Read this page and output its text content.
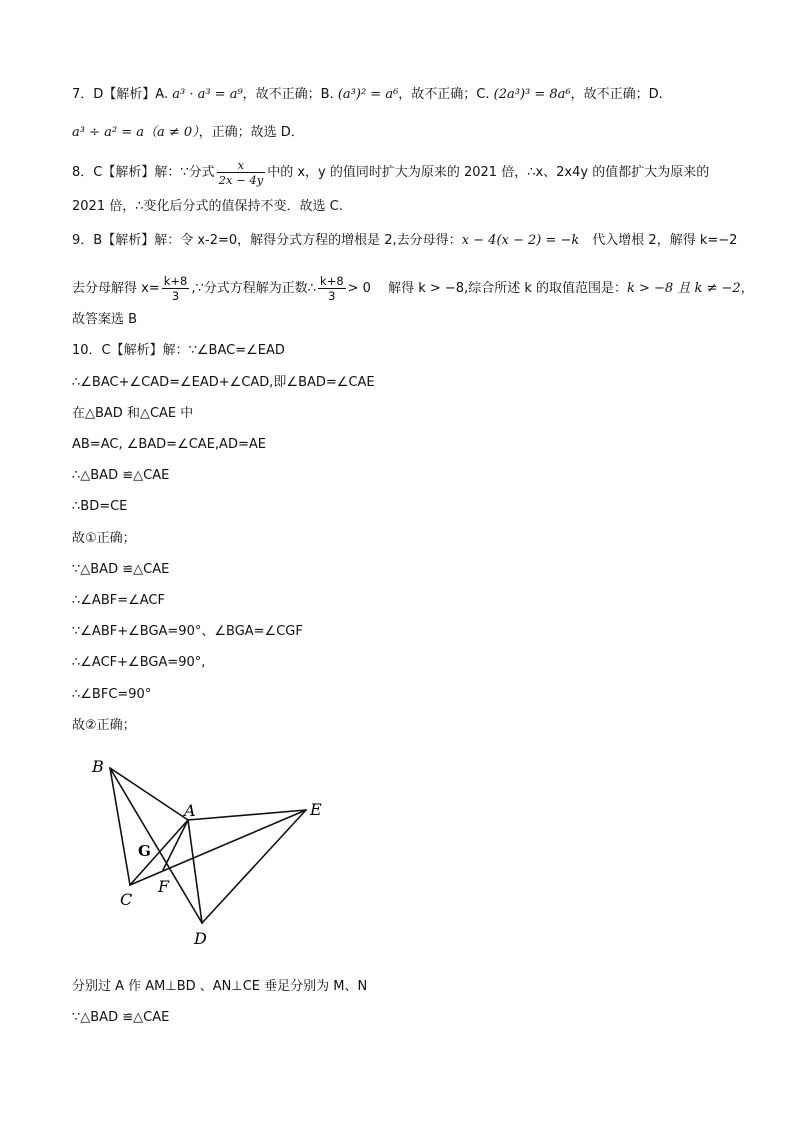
7．D【解析】A. a³ · a³ = a⁹，故不正确；B. (a³)² = a⁶，故不正确；C. (2a³)³ = 8a⁶，故不正确；D.
a³ ÷ a² = a（a ≠ 0），正确；故选 D．
8．C【解析】解：∵分式 $\frac{x}{2x - 4y}$ 中的 x，y 的值同时扩大为原来的 2021 倍，∴x、2x4y 的值都扩大为原来的
2021 倍，∴变化后分式的值保持不变．故选 C.
9．B【解析】解：令 x-2=0，解得分式方程的增根是 2,去分母得：x − 4(x − 2) = −k　 代入增根 2，解得 k=−2
去分母解得 $x= \frac{k+8}{3}$ ,∵分式方程解为正数∴ $\frac{k+8}{3} > 0$ 　解得 k > −8,综合所述 k 的取值范围是：k > −8 且 k ≠ −2，
故答案选 B
10．C【解析】解：∵∠BAC=∠EAD
∴∠BAC+∠CAD=∠EAD+∠CAD,即∠BAD=∠CAE
在△BAD 和△CAE 中
AB=AC, ∠BAD=∠CAE,AD=AE
∴△BAD ≌△CAE
∴BD=CE
故①正确；
∵△BAD ≌△CAE
∴∠ABF=∠ACF
∵∠ABF+∠BGA=90°、∠BGA=∠CGF
∴∠ACF+∠BGA=90°,
∴∠BFC=90°
故②正确；
B
A	E
G
C
F
D
分别过 A 作 AM⊥BD 、AN⊥CE 垂足分别为 M、N
∵△BAD ≌△CAE
